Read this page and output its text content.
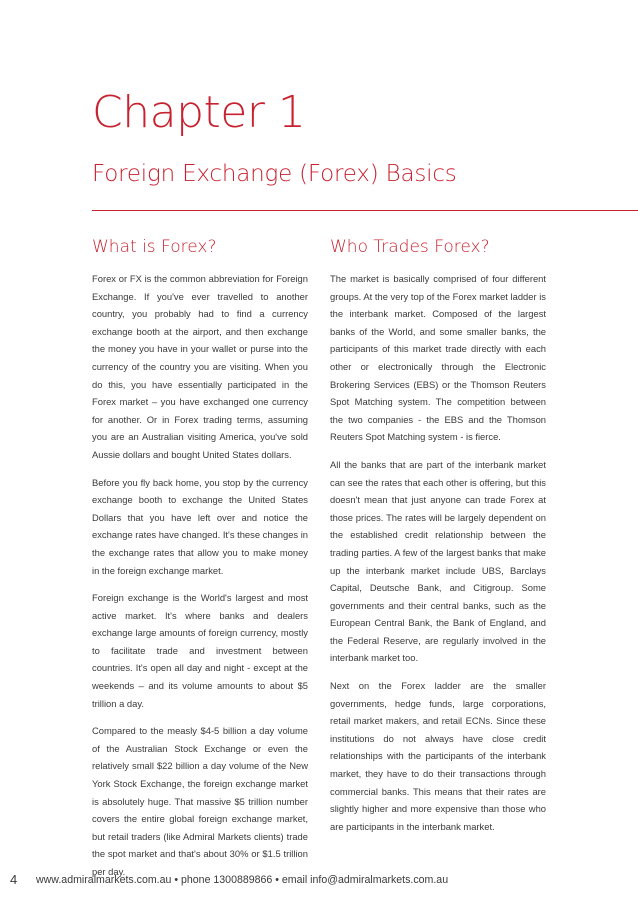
Chapter 1
Foreign Exchange (Forex) Basics
What is Forex?

Forex or FX is the common abbreviation for Foreign Exchange. If you've ever travelled to another country, you probably had to find a currency exchange booth at the airport, and then exchange the money you have in your wallet or purse into the currency of the country you are visiting. When you do this, you have essentially participated in the Forex market – you have exchanged one currency for another. Or in Forex trading terms, assuming you are an Australian visiting America, you've sold Aussie dollars and bought United States dollars.

Before you fly back home, you stop by the currency exchange booth to exchange the United States Dollars that you have left over and notice the exchange rates have changed. It's these changes in the exchange rates that allow you to make money in the foreign exchange market.

Foreign exchange is the World's largest and most active market. It's where banks and dealers exchange large amounts of foreign currency, mostly to facilitate trade and investment between countries. It's open all day and night - except at the weekends – and its volume amounts to about $5 trillion a day.

Compared to the measly $4-5 billion a day volume of the Australian Stock Exchange or even the relatively small $22 billion a day volume of the New York Stock Exchange, the foreign exchange market is absolutely huge. That massive $5 trillion number covers the entire global foreign exchange market, but retail traders (like Admiral Markets clients) trade the spot market and that's about 30% or $1.5 trillion per day.

Who Trades Forex?

The market is basically comprised of four different groups. At the very top of the Forex market ladder is the interbank market. Composed of the largest banks of the World, and some smaller banks, the participants of this market trade directly with each other or electronically through the Electronic Brokering Services (EBS) or the Thomson Reuters Spot Matching system. The competition between the two companies - the EBS and the Thomson Reuters Spot Matching system - is fierce.

All the banks that are part of the interbank market can see the rates that each other is offering, but this doesn't mean that just anyone can trade Forex at those prices. The rates will be largely dependent on the established credit relationship between the trading parties. A few of the largest banks that make up the interbank market include UBS, Barclays Capital, Deutsche Bank, and Citigroup. Some governments and their central banks, such as the European Central Bank, the Bank of England, and the Federal Reserve, are regularly involved in the interbank market too.

Next on the Forex ladder are the smaller governments, hedge funds, large corporations, retail market makers, and retail ECNs. Since these institutions do not always have close credit relationships with the participants of the interbank market, they have to do their transactions through commercial banks. This means that their rates are slightly higher and more expensive than those who are participants in the interbank market.

4 www.admiralmarkets.com.au • phone 1300889866 • email info@admiralmarkets.com.au
